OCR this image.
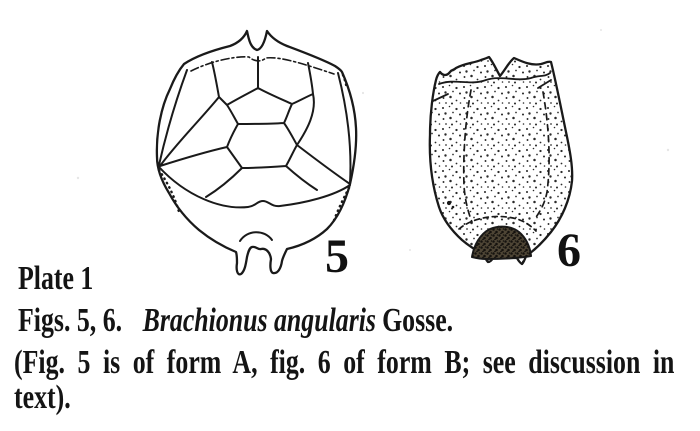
5	6
Plate 1
Figs. 5, 6. Brachionus angularis Gosse.
(Fig. 5 is of form A, fig. 6 of form B; see discussion in
text).
